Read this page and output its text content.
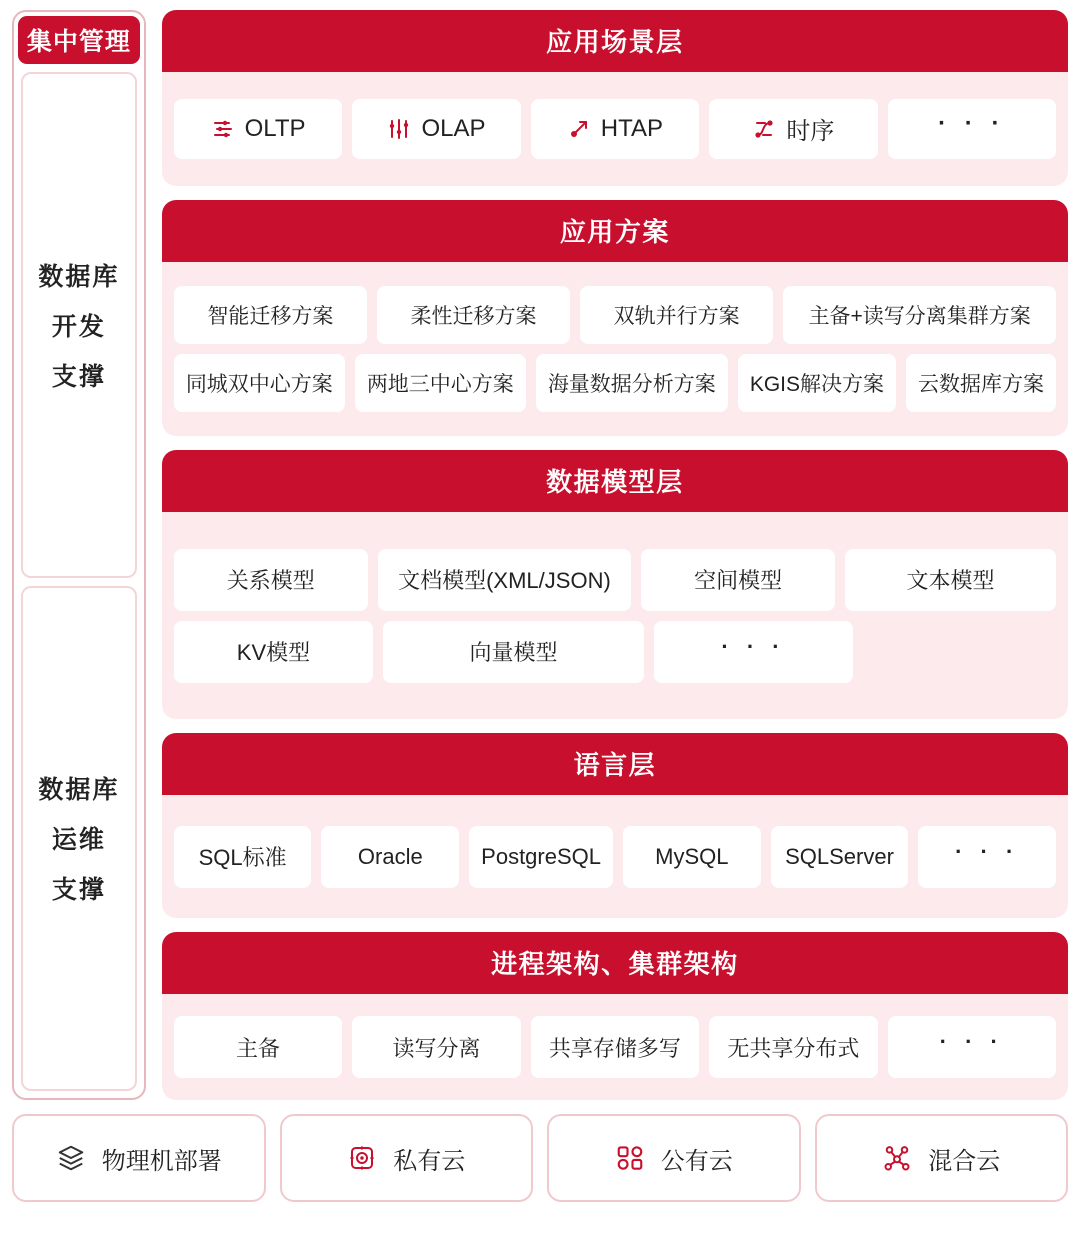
集中管理
数据库
开发
支撑
数据库
运维
支撑
应用场景层
OLTP	OLAP	HTAP	时序	· · ·
应用方案
智能迁移方案	柔性迁移方案	双轨并行方案	主备+读写分离集群方案
同城双中心方案	两地三中心方案	海量数据分析方案	KGIS解决方案	云数据库方案
数据模型层
关系模型	文档模型(XML/JSON)	空间模型	文本模型
KV模型	向量模型	· · ·
语言层
SQL标准	Oracle	PostgreSQL	MySQL	SQLServer	· · ·
进程架构、集群架构
主备	读写分离	共享存储多写	无共享分布式	· · ·
物理机部署	私有云	公有云	混合云
